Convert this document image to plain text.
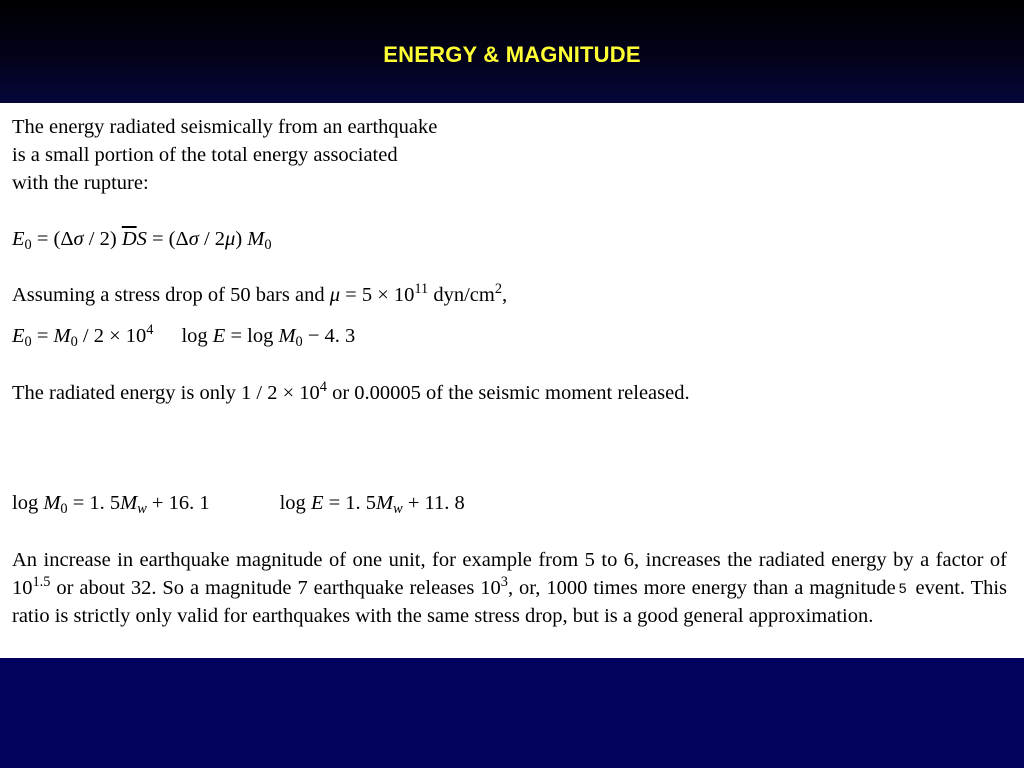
ENERGY & MAGNITUDE
The energy radiated seismically from an earthquake
is a small portion of the total energy associated
with the rupture:
$E_0 = (\Delta\sigma / 2) \overline{D}S = (\Delta\sigma / 2\mu)$ $M_0$
Assuming a stress drop of 50 bars and $\mu = 5 \times 10^{11}$ dyn/$cm^2$,
$E_0 = M_0 / 2 \times 10^4$ $\log E = \log M_0 - 4$. 3
The radiated energy is only $1 / 2 \times 10^4$ or 0.00005 of the seismic moment released.
$\log M_0 = 1$. $5M_w + 16$. 1	log E = 1. $5M_w + 11$. 8
An increase in earthquake magnitude of one unit, for example from 5 to 6, increases the radiated energy by a factor of $10^{1.5}$ or about 32. So a magnitude 7 earthquake releases $10^3$, or, 1000 times more energy than a magnitude 5 event. This ratio is strictly only valid for earthquakes with the same stress drop, but is a good general approximation.
